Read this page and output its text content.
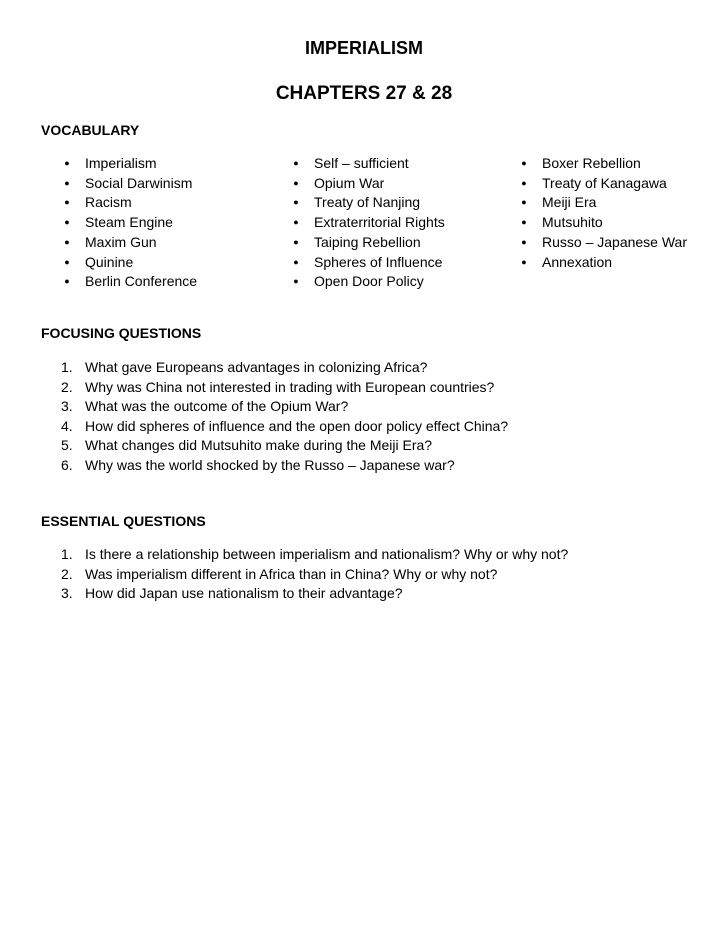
IMPERIALISM
CHAPTERS 27 & 28
VOCABULARY
● Imperialism
● Social Darwinism
● Racism
● Steam Engine
● Maxim Gun
● Quinine
● Berlin Conference
● Self – sufficient
● Opium War
● Treaty of Nanjing
● Extraterritorial Rights
● Taiping Rebellion
● Spheres of Influence
● Open Door Policy
● Boxer Rebellion
● Treaty of Kanagawa
● Meiji Era
● Mutsuhito
● Russo – Japanese War
● Annexation
FOCUSING QUESTIONS
1. What gave Europeans advantages in colonizing Africa?
2. Why was China not interested in trading with European countries?
3. What was the outcome of the Opium War?
4. How did spheres of influence and the open door policy effect China?
5. What changes did Mutsuhito make during the Meiji Era?
6. Why was the world shocked by the Russo – Japanese war?
ESSENTIAL QUESTIONS
1. Is there a relationship between imperialism and nationalism? Why or why not?
2. Was imperialism different in Africa than in China? Why or why not?
3. How did Japan use nationalism to their advantage?
